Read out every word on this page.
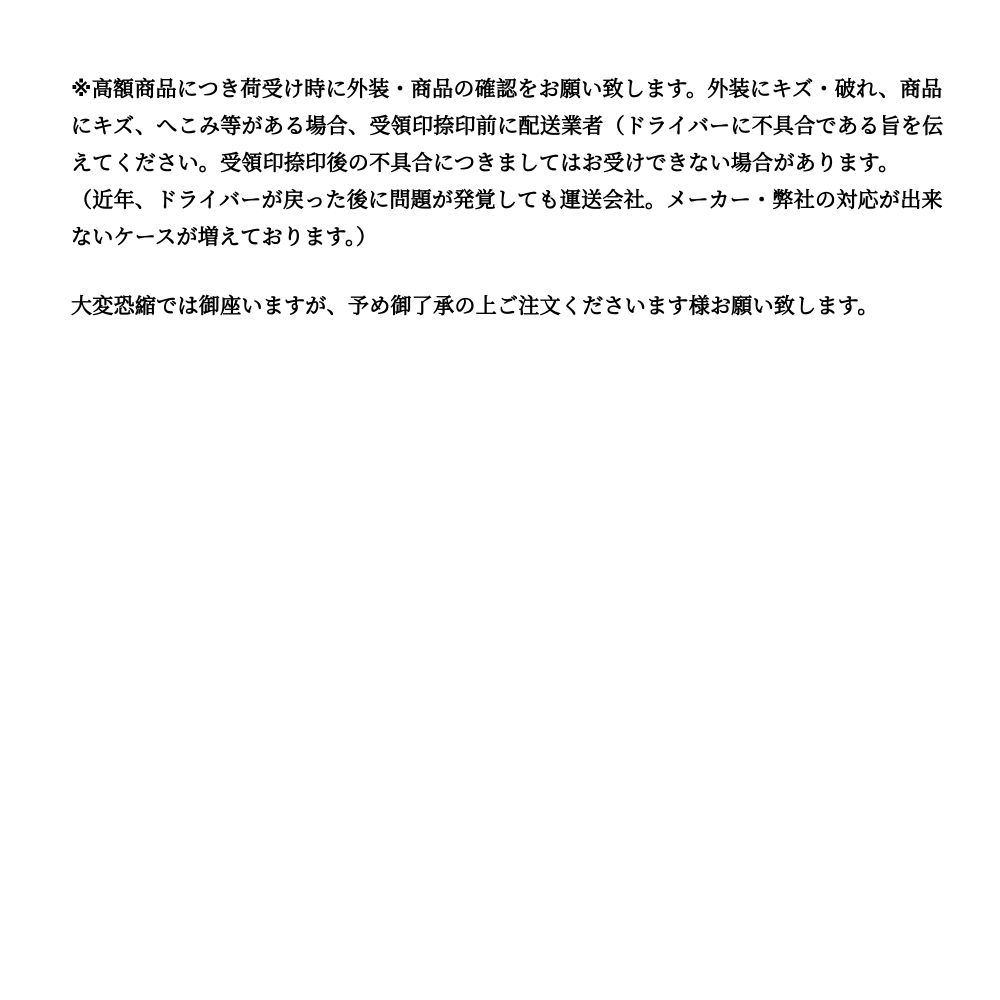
※高額商品につき荷受け時に外装・商品の確認をお願い致します。外装にキズ・破れ、商品
にキズ、へこみ等がある場合、受領印捺印前に配送業者（ドライバーに不具合である旨を伝
えてください。受領印捺印後の不具合につきましてはお受けできない場合があります。
（近年、ドライバーが戻った後に問題が発覚しても運送会社。メーカー・弊社の対応が出来
ないケースが増えております。）
大変恐縮では御座いますが、予め御了承の上ご注文くださいます様お願い致します。
